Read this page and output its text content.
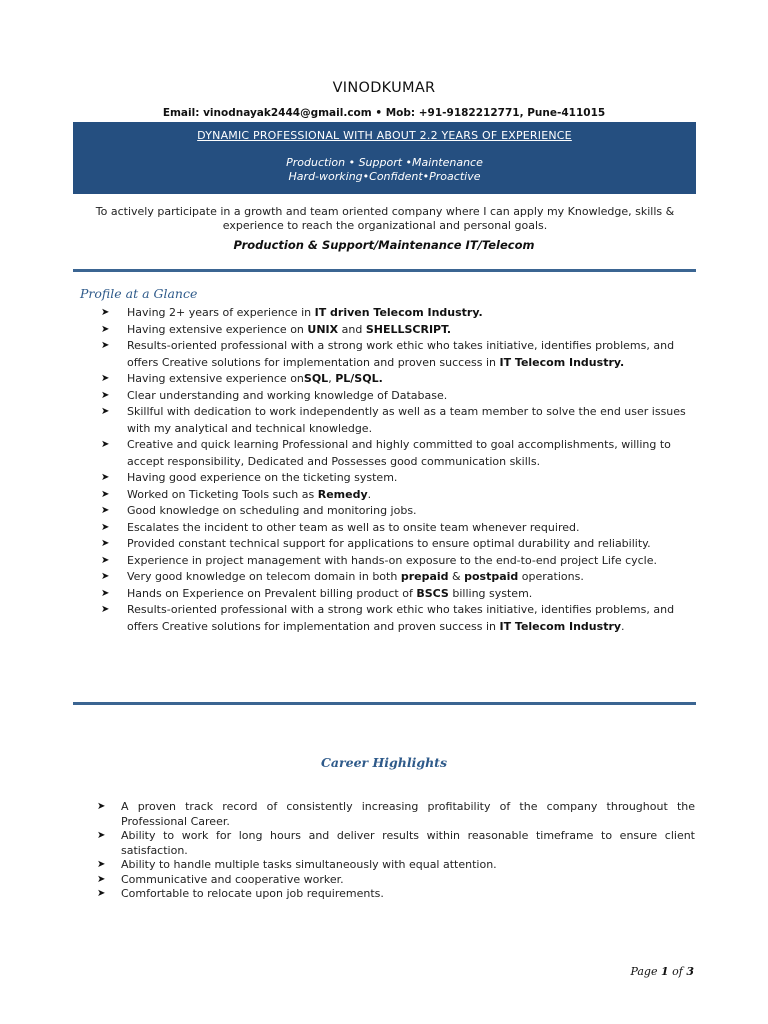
VINODKUMAR
Email: vinodnayak2444@gmail.com • Mob: +91-9182212771, Pune-411015
DYNAMIC PROFESSIONAL WITH ABOUT 2.2 YEARS OF EXPERIENCE
Production • Support •Maintenance
Hard-working•Confident•Proactive
To actively participate in a growth and team oriented company where I can apply my Knowledge, skills & experience to reach the organizational and personal goals.
Production & Support/Maintenance IT/Telecom
Profile at a Glance
➤ Having 2+ years of experience in IT driven Telecom Industry.
➤ Having extensive experience on UNIX and SHELLSCRIPT.
➤ Results-oriented professional with a strong work ethic who takes initiative, identifies problems, and offers Creative solutions for implementation and proven success in IT Telecom Industry.
➤ Having extensive experience onSQL, PL/SQL.
➤ Clear understanding and working knowledge of Database.
➤ Skillful with dedication to work independently as well as a team member to solve the end user issues with my analytical and technical knowledge.
➤ Creative and quick learning Professional and highly committed to goal accomplishments, willing to accept responsibility, Dedicated and Possesses good communication skills.
➤ Having good experience on the ticketing system.
➤ Worked on Ticketing Tools such as Remedy.
➤ Good knowledge on scheduling and monitoring jobs.
➤ Escalates the incident to other team as well as to onsite team whenever required.
➤ Provided constant technical support for applications to ensure optimal durability and reliability.
➤ Experience in project management with hands-on exposure to the end-to-end project Life cycle.
➤ Very good knowledge on telecom domain in both prepaid & postpaid operations.
➤ Hands on Experience on Prevalent billing product of BSCS billing system.
➤ Results-oriented professional with a strong work ethic who takes initiative, identifies problems, and offers Creative solutions for implementation and proven success in IT Telecom Industry.
Career Highlights
➤ A proven track record of consistently increasing profitability of the company throughout the Professional Career.
➤ Ability to work for long hours and deliver results within reasonable timeframe to ensure client satisfaction.
➤ Ability to handle multiple tasks simultaneously with equal attention.
➤ Communicative and cooperative worker.
➤ Comfortable to relocate upon job requirements.
Page 1 of 3
